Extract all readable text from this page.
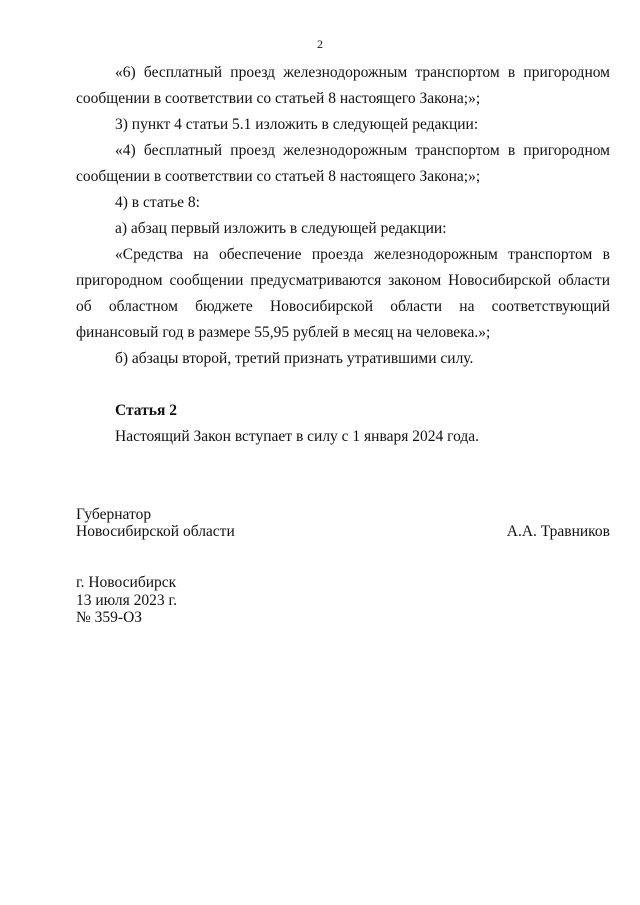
2

«6) бесплатный проезд железнодорожным транспортом в пригородном сообщении в соответствии со статьей 8 настоящего Закона;»;

3) пункт 4 статьи 5.1 изложить в следующей редакции:

«4) бесплатный проезд железнодорожным транспортом в пригородном сообщении в соответствии со статьей 8 настоящего Закона;»;

4) в статье 8:

а) абзац первый изложить в следующей редакции:

«Средства на обеспечение проезда железнодорожным транспортом в пригородном сообщении предусматриваются законом Новосибирской области об областном бюджете Новосибирской области на соответствующий финансовый год в размере 55,95 рублей в месяц на человека.»;

б) абзацы второй, третий признать утратившими силу.

Статья 2

Настоящий Закон вступает в силу с 1 января 2024 года.

Губернатор
Новосибирской области	А.А. Травников
г. Новосибирск
13 июля 2023 г.
№ 359-ОЗ
